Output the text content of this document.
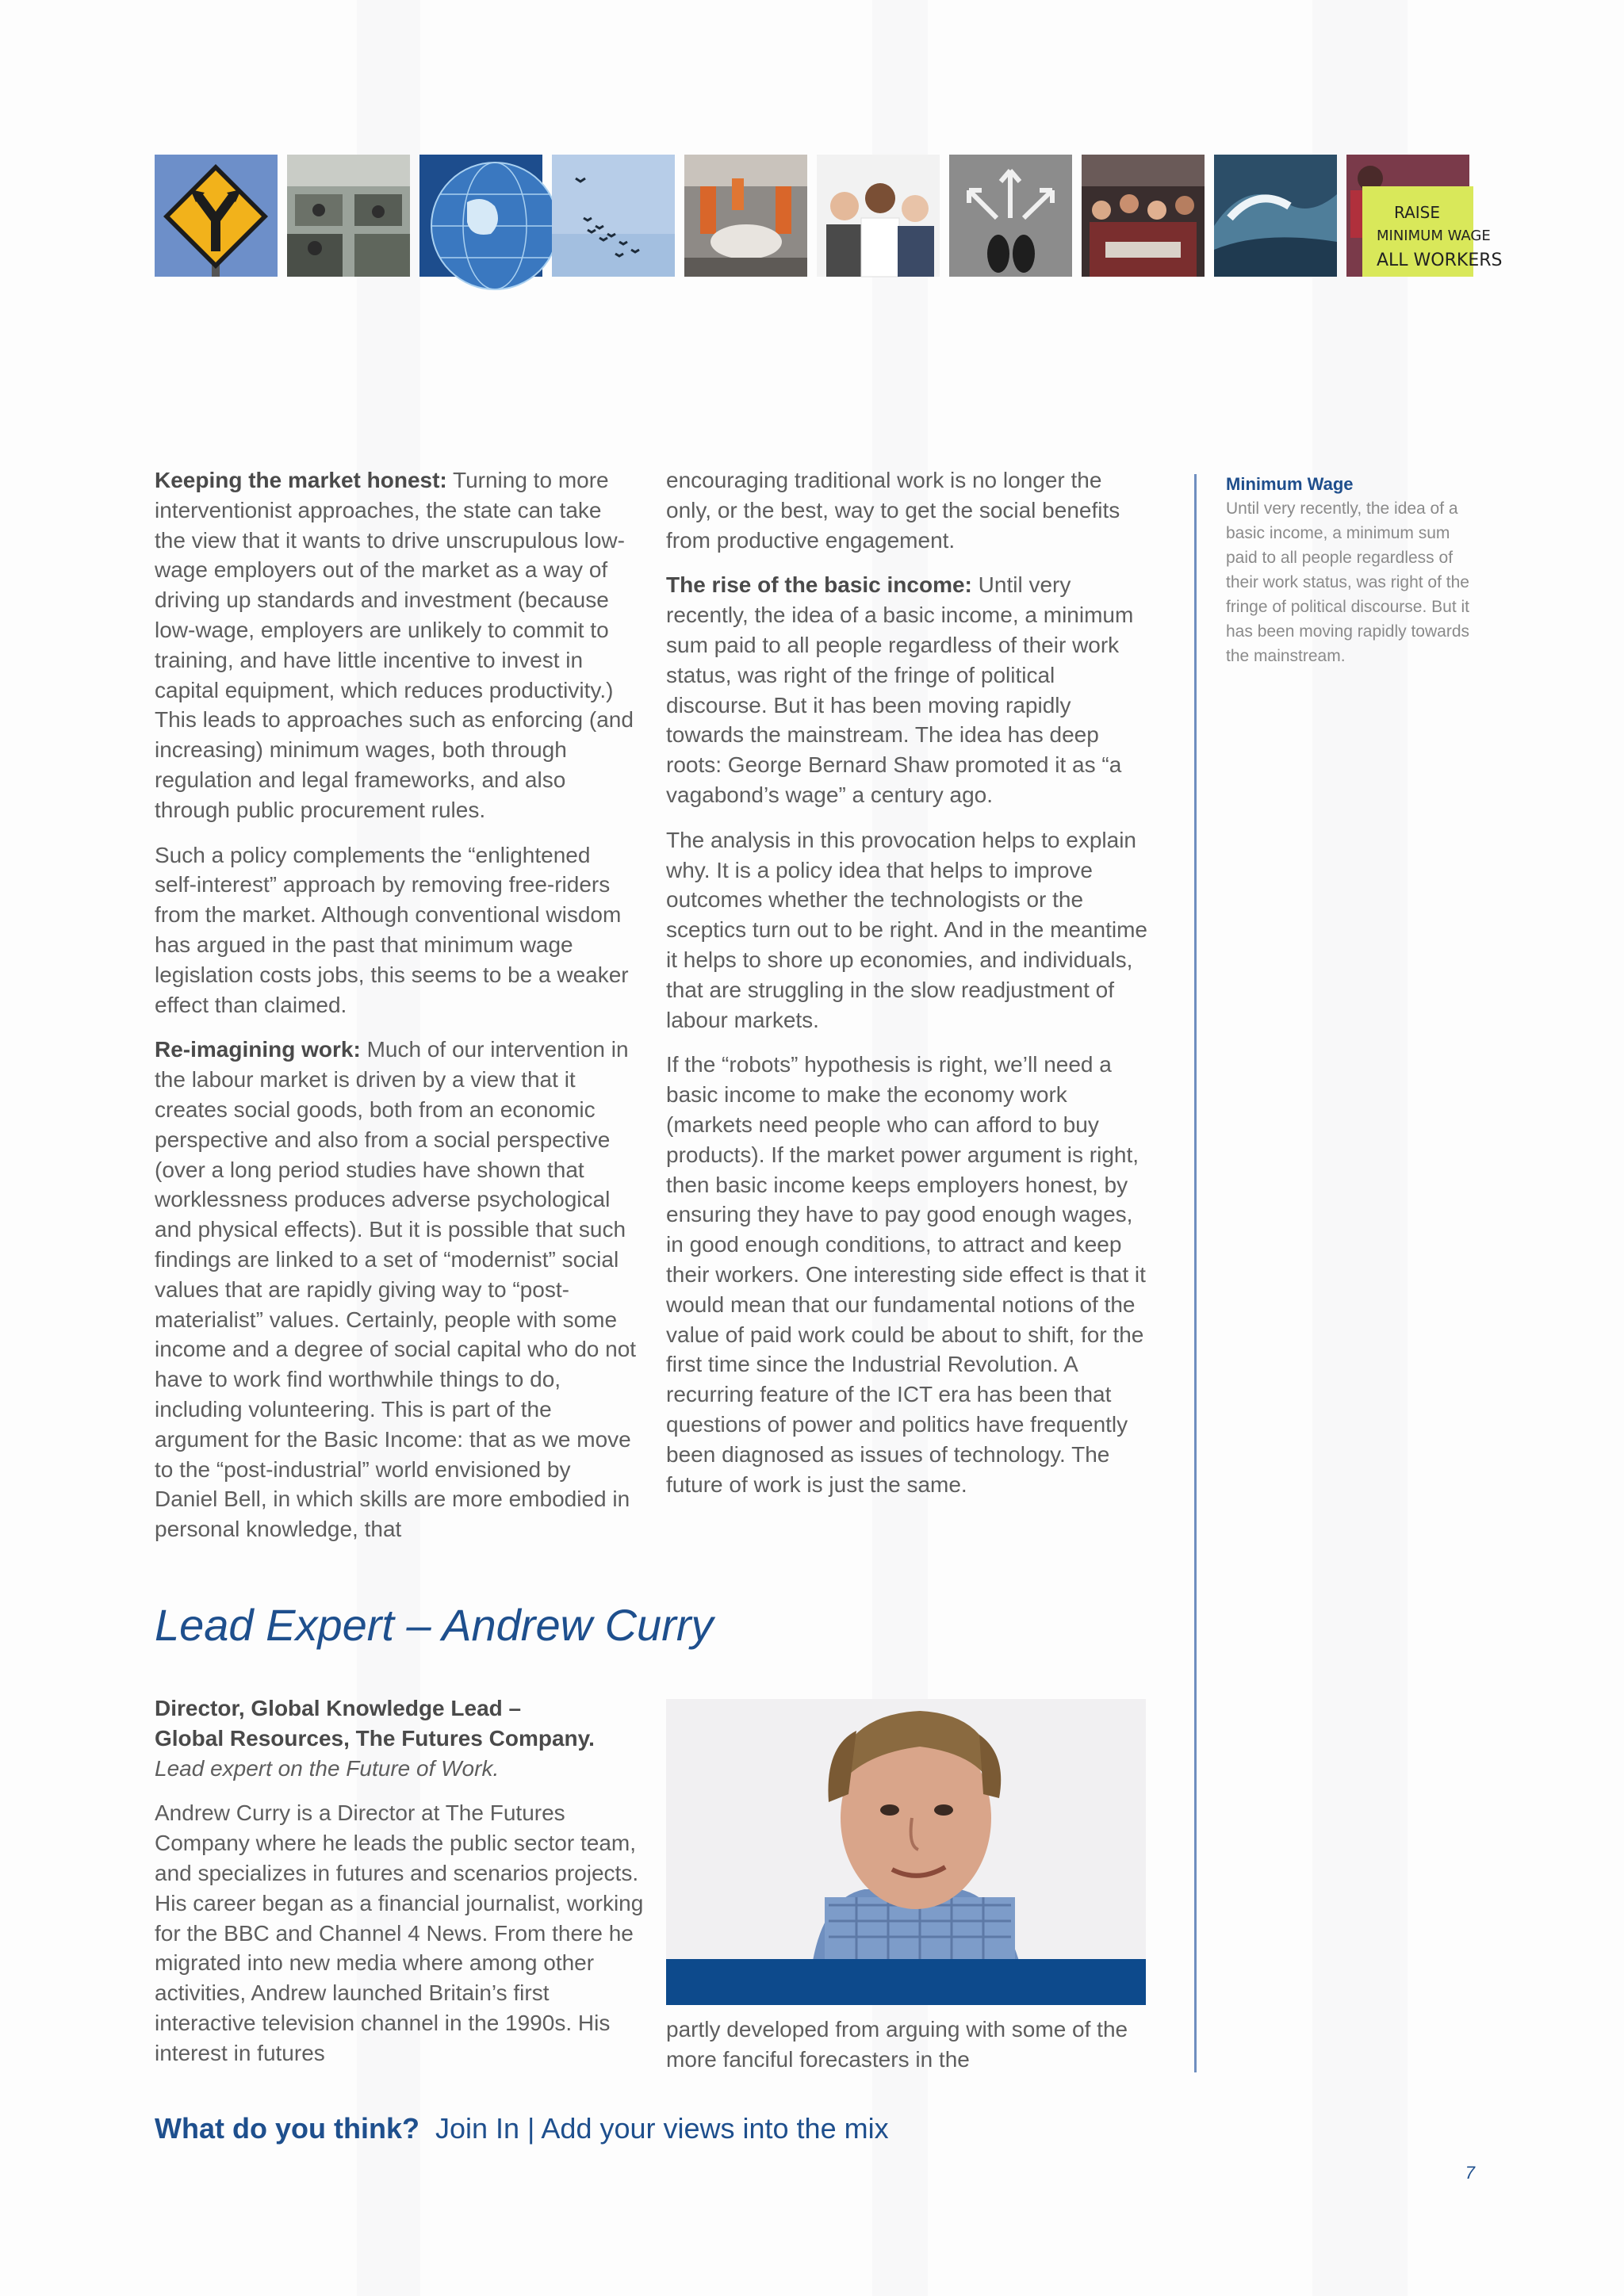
RAISE
MINIMUM WAGE
ALL WORKERS

Keeping the market honest: Turning to more interventionist approaches, the state can take the view that it wants to drive unscrupulous low-wage employers out of the market as a way of driving up standards and investment (because low-wage, employers are unlikely to commit to training, and have little incentive to invest in capital equipment, which reduces productivity.) This leads to approaches such as enforcing (and increasing) minimum wages, both through regulation and legal frameworks, and also through public procurement rules.

Such a policy complements the “enlightened self-interest” approach by removing free-riders from the market. Although conventional wisdom has argued in the past that minimum wage legislation costs jobs, this seems to be a weaker effect than claimed.

Re-imagining work: Much of our intervention in the labour market is driven by a view that it creates social goods, both from an economic perspective and also from a social perspective (over a long period studies have shown that worklessness produces adverse psychological and physical effects). But it is possible that such findings are linked to a set of “modernist” social values that are rapidly giving way to “post-materialist” values. Certainly, people with some income and a degree of social capital who do not have to work find worthwhile things to do, including volunteering. This is part of the argument for the Basic Income: that as we move to the “post-industrial” world envisioned by Daniel Bell, in which skills are more embodied in personal knowledge, that

encouraging traditional work is no longer the only, or the best, way to get the social benefits from productive engagement.

The rise of the basic income: Until very recently, the idea of a basic income, a minimum sum paid to all people regardless of their work status, was right of the fringe of political discourse. But it has been moving rapidly towards the mainstream. The idea has deep roots: George Bernard Shaw promoted it as “a vagabond’s wage” a century ago.

The analysis in this provocation helps to explain why. It is a policy idea that helps to improve outcomes whether the technologists or the sceptics turn out to be right. And in the meantime it helps to shore up economies, and individuals, that are struggling in the slow readjustment of labour markets.

If the “robots” hypothesis is right, we’ll need a basic income to make the economy work (markets need people who can afford to buy products). If the market power argument is right, then basic income keeps employers honest, by ensuring they have to pay good enough wages, in good enough conditions, to attract and keep their workers. One interesting side effect is that it would mean that our fundamental notions of the value of paid work could be about to shift, for the first time since the Industrial Revolution. A recurring feature of the ICT era has been that questions of power and politics have frequently been diagnosed as issues of technology. The future of work is just the same.

Minimum Wage
Until very recently, the idea of a basic income, a minimum sum paid to all people regardless of their work status, was right of the fringe of political discourse. But it has been moving rapidly towards the mainstream.
Lead Expert – Andrew Curry
Director, Global Knowledge Lead –
Global Resources, The Futures Company.
Lead expert on the Future of Work.

Andrew Curry is a Director at The Futures Company where he leads the public sector team, and specializes in futures and scenarios projects. His career began as a financial journalist, working for the BBC and Channel 4 News. From there he migrated into new media where among other activities, Andrew launched Britain’s first interactive television channel in the 1990s. His interest in futures

partly developed from arguing with some of the more fanciful forecasters in the
What do you think? Join In | Add your views into the mix
7
